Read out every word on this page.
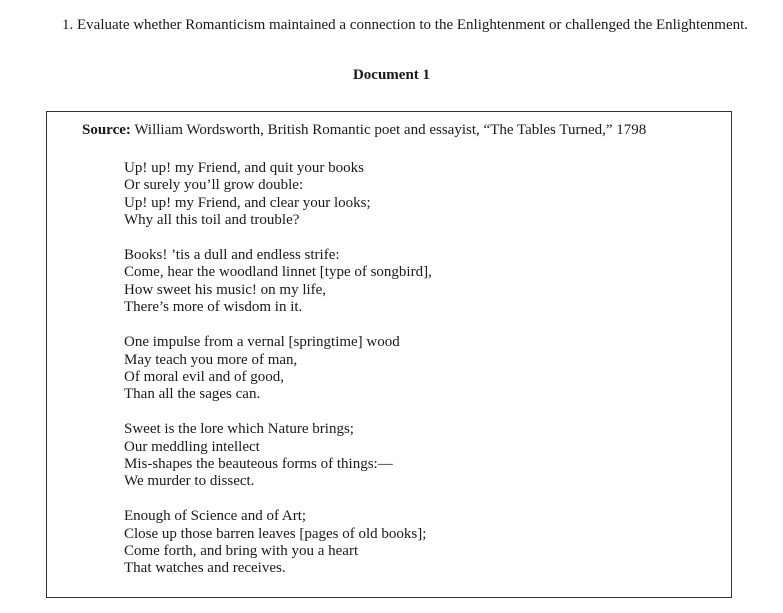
1. Evaluate whether Romanticism maintained a connection to the Enlightenment or challenged the Enlightenment.
Document 1
Source: William Wordsworth, British Romantic poet and essayist, “The Tables Turned,” 1798
Up! up! my Friend, and quit your books
Or surely you’ll grow double:
Up! up! my Friend, and clear your looks;
Why all this toil and trouble?
Books! ’tis a dull and endless strife:
Come, hear the woodland linnet [type of songbird],
How sweet his music! on my life,
There’s more of wisdom in it.
One impulse from a vernal [springtime] wood
May teach you more of man,
Of moral evil and of good,
Than all the sages can.
Sweet is the lore which Nature brings;
Our meddling intellect
Mis-shapes the beauteous forms of things:—
We murder to dissect.
Enough of Science and of Art;
Close up those barren leaves [pages of old books];
Come forth, and bring with you a heart
That watches and receives.
